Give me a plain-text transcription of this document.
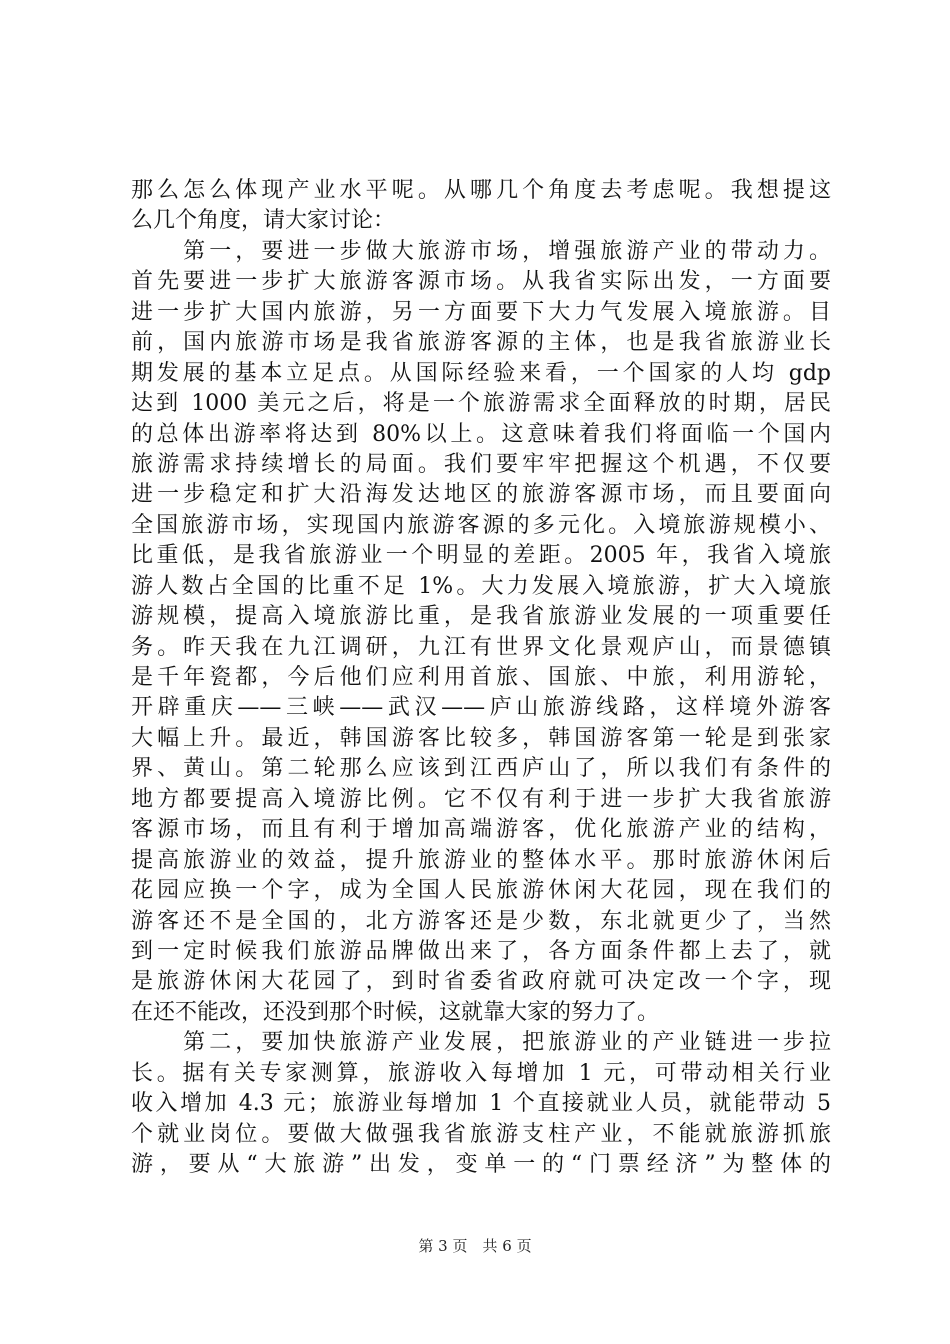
那么怎么体现产业水平呢。从哪几个角度去考虑呢。我想提这
么几个角度，请大家讨论：
　　第一，要进一步做大旅游市场，增强旅游产业的带动力。
首先要进一步扩大旅游客源市场。从我省实际出发，一方面要
进一步扩大国内旅游，另一方面要下大力气发展入境旅游。目
前，国内旅游市场是我省旅游客源的主体，也是我省旅游业长
期发展的基本立足点。从国际经验来看，一个国家的人均 gdp
达到 1000 美元之后，将是一个旅游需求全面释放的时期，居民
的总体出游率将达到 80%以上。这意味着我们将面临一个国内
旅游需求持续增长的局面。我们要牢牢把握这个机遇，不仅要
进一步稳定和扩大沿海发达地区的旅游客源市场，而且要面向
全国旅游市场，实现国内旅游客源的多元化。入境旅游规模小、
比重低，是我省旅游业一个明显的差距。2005 年，我省入境旅
游人数占全国的比重不足 1%。大力发展入境旅游，扩大入境旅
游规模，提高入境旅游比重，是我省旅游业发展的一项重要任
务。昨天我在九江调研，九江有世界文化景观庐山，而景德镇
是千年瓷都，今后他们应利用首旅、国旅、中旅，利用游轮，
开辟重庆——三峡——武汉——庐山旅游线路，这样境外游客
大幅上升。最近，韩国游客比较多，韩国游客第一轮是到张家
界、黄山。第二轮那么应该到江西庐山了，所以我们有条件的
地方都要提高入境游比例。它不仅有利于进一步扩大我省旅游
客源市场，而且有利于增加高端游客，优化旅游产业的结构，
提高旅游业的效益，提升旅游业的整体水平。那时旅游休闲后
花园应换一个字，成为全国人民旅游休闲大花园，现在我们的
游客还不是全国的，北方游客还是少数，东北就更少了，当然
到一定时候我们旅游品牌做出来了，各方面条件都上去了，就
是旅游休闲大花园了，到时省委省政府就可决定改一个字，现
在还不能改，还没到那个时候，这就靠大家的努力了。
　　第二，要加快旅游产业发展，把旅游业的产业链进一步拉
长。据有关专家测算，旅游收入每增加 1 元，可带动相关行业
收入增加 4.3 元；旅游业每增加 1 个直接就业人员，就能带动 5
个就业岗位。要做大做强我省旅游支柱产业，不能就旅游抓旅
游，要从“大旅游”出发，变单一的“门票经济”为整体的
第 3 页　共 6 页
